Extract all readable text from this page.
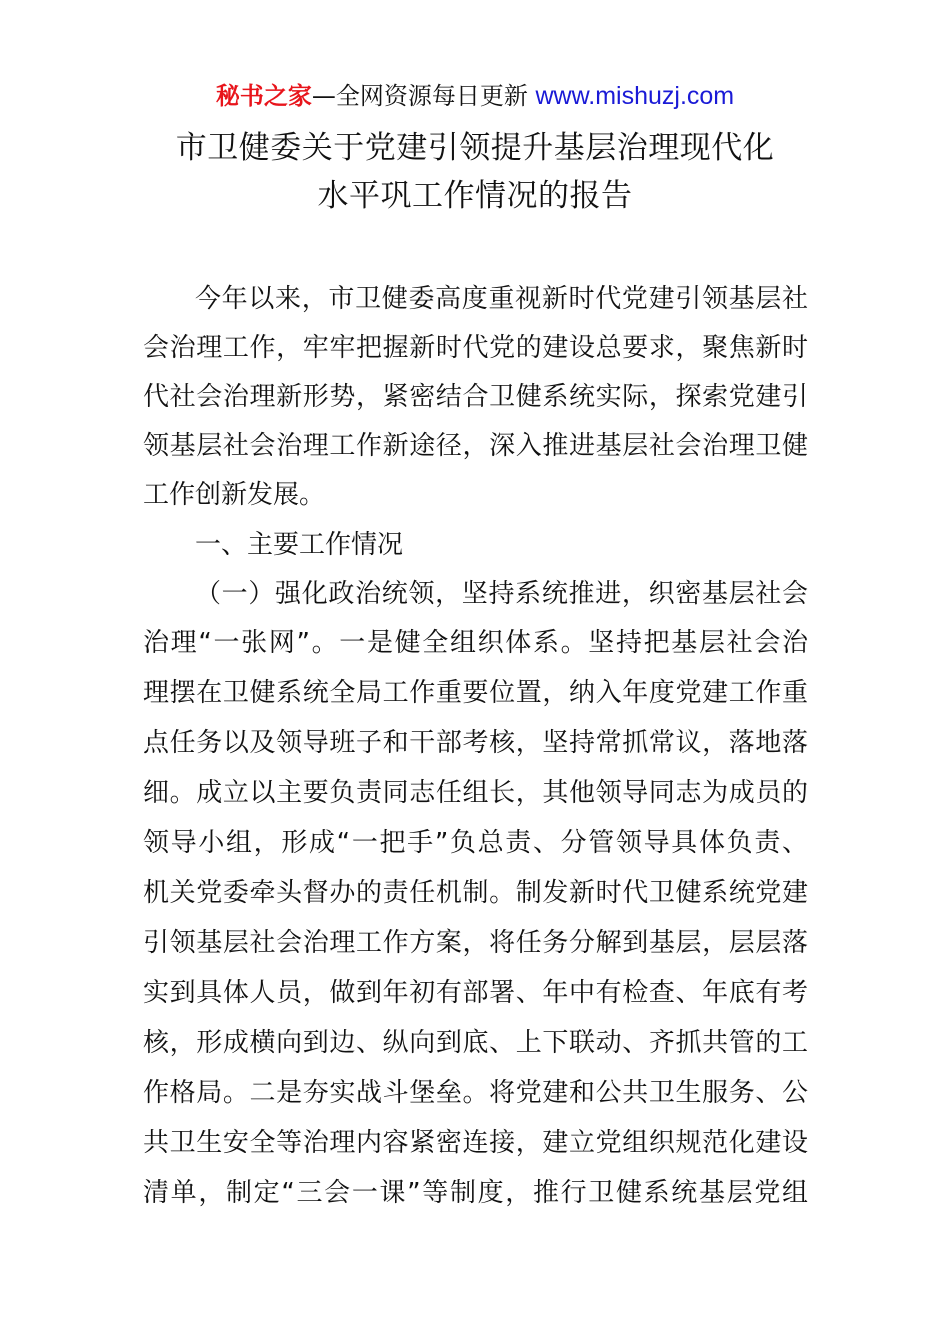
秘书之家—全网资源每日更新 www.mishuzj.com
市卫健委关于党建引领提升基层治理现代化
水平巩工作情况的报告
今年以来，市卫健委高度重视新时代党建引领基层社
会治理工作，牢牢把握新时代党的建设总要求，聚焦新时
代社会治理新形势，紧密结合卫健系统实际，探索党建引
领基层社会治理工作新途径，深入推进基层社会治理卫健
工作创新发展。
一、主要工作情况
（一）强化政治统领，坚持系统推进，织密基层社会
治理“一张网”。一是健全组织体系。坚持把基层社会治
理摆在卫健系统全局工作重要位置，纳入年度党建工作重
点任务以及领导班子和干部考核，坚持常抓常议，落地落
细。成立以主要负责同志任组长，其他领导同志为成员的
领导小组，形成“一把手”负总责、分管领导具体负责、
机关党委牵头督办的责任机制。制发新时代卫健系统党建
引领基层社会治理工作方案，将任务分解到基层，层层落
实到具体人员，做到年初有部署、年中有检查、年底有考
核，形成横向到边、纵向到底、上下联动、齐抓共管的工
作格局。二是夯实战斗堡垒。将党建和公共卫生服务、公
共卫生安全等治理内容紧密连接，建立党组织规范化建设
清单，制定“三会一课”等制度，推行卫健系统基层党组
